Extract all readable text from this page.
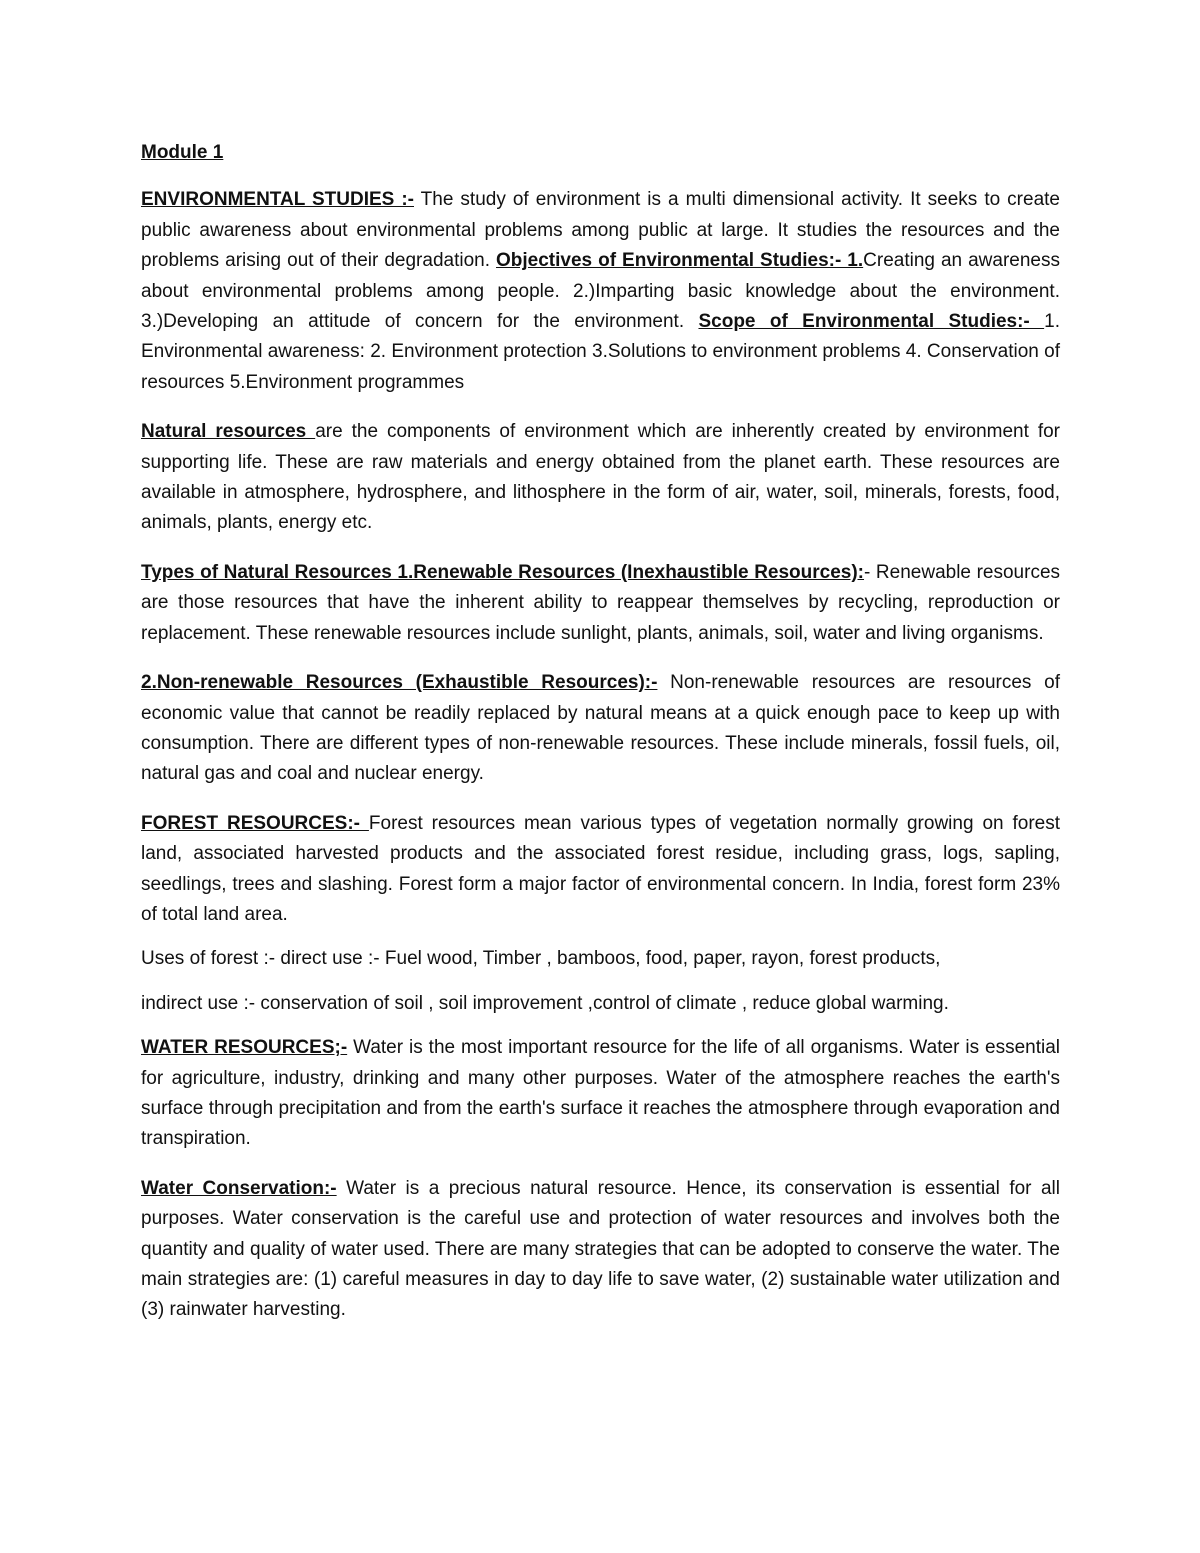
Module 1

ENVIRONMENTAL STUDIES :- The study of environment is a multi dimensional activity. It seeks to create public awareness about environmental problems among public at large. It studies the resources and the problems arising out of their degradation. Objectives of Environmental Studies:- 1.Creating an awareness about environmental problems among people. 2.)Imparting basic knowledge about the environment. 3.)Developing an attitude of concern for the environment. Scope of Environmental Studies:- 1. Environmental awareness: 2. Environment protection 3.Solutions to environment problems 4. Conservation of resources 5.Environment programmes

Natural resources are the components of environment which are inherently created by environment for supporting life. These are raw materials and energy obtained from the planet earth. These resources are available in atmosphere, hydrosphere, and lithosphere in the form of air, water, soil, minerals, forests, food, animals, plants, energy etc.

Types of Natural Resources 1.Renewable Resources (Inexhaustible Resources):- Renewable resources are those resources that have the inherent ability to reappear themselves by recycling, reproduction or replacement. These renewable resources include sunlight, plants, animals, soil, water and living organisms.

2.Non-renewable Resources (Exhaustible Resources):- Non-renewable resources are resources of economic value that cannot be readily replaced by natural means at a quick enough pace to keep up with consumption. There are different types of non-renewable resources. These include minerals, fossil fuels, oil, natural gas and coal and nuclear energy.

FOREST RESOURCES:- Forest resources mean various types of vegetation normally growing on forest land, associated harvested products and the associated forest residue, including grass, logs, sapling, seedlings, trees and slashing. Forest form a major factor of environmental concern. In India, forest form 23% of total land area.

Uses of forest :- direct use :- Fuel wood, Timber , bamboos, food, paper, rayon, forest products,

indirect use :- conservation of soil , soil improvement ,control of climate , reduce global warming.

WATER RESOURCES;- Water is the most important resource for the life of all organisms. Water is essential for agriculture, industry, drinking and many other purposes. Water of the atmosphere reaches the earth's surface through precipitation and from the earth's surface it reaches the atmosphere through evaporation and transpiration.

Water Conservation:- Water is a precious natural resource. Hence, its conservation is essential for all purposes. Water conservation is the careful use and protection of water resources and involves both the quantity and quality of water used. There are many strategies that can be adopted to conserve the water. The main strategies are: (1) careful measures in day to day life to save water, (2) sustainable water utilization and (3) rainwater harvesting.
